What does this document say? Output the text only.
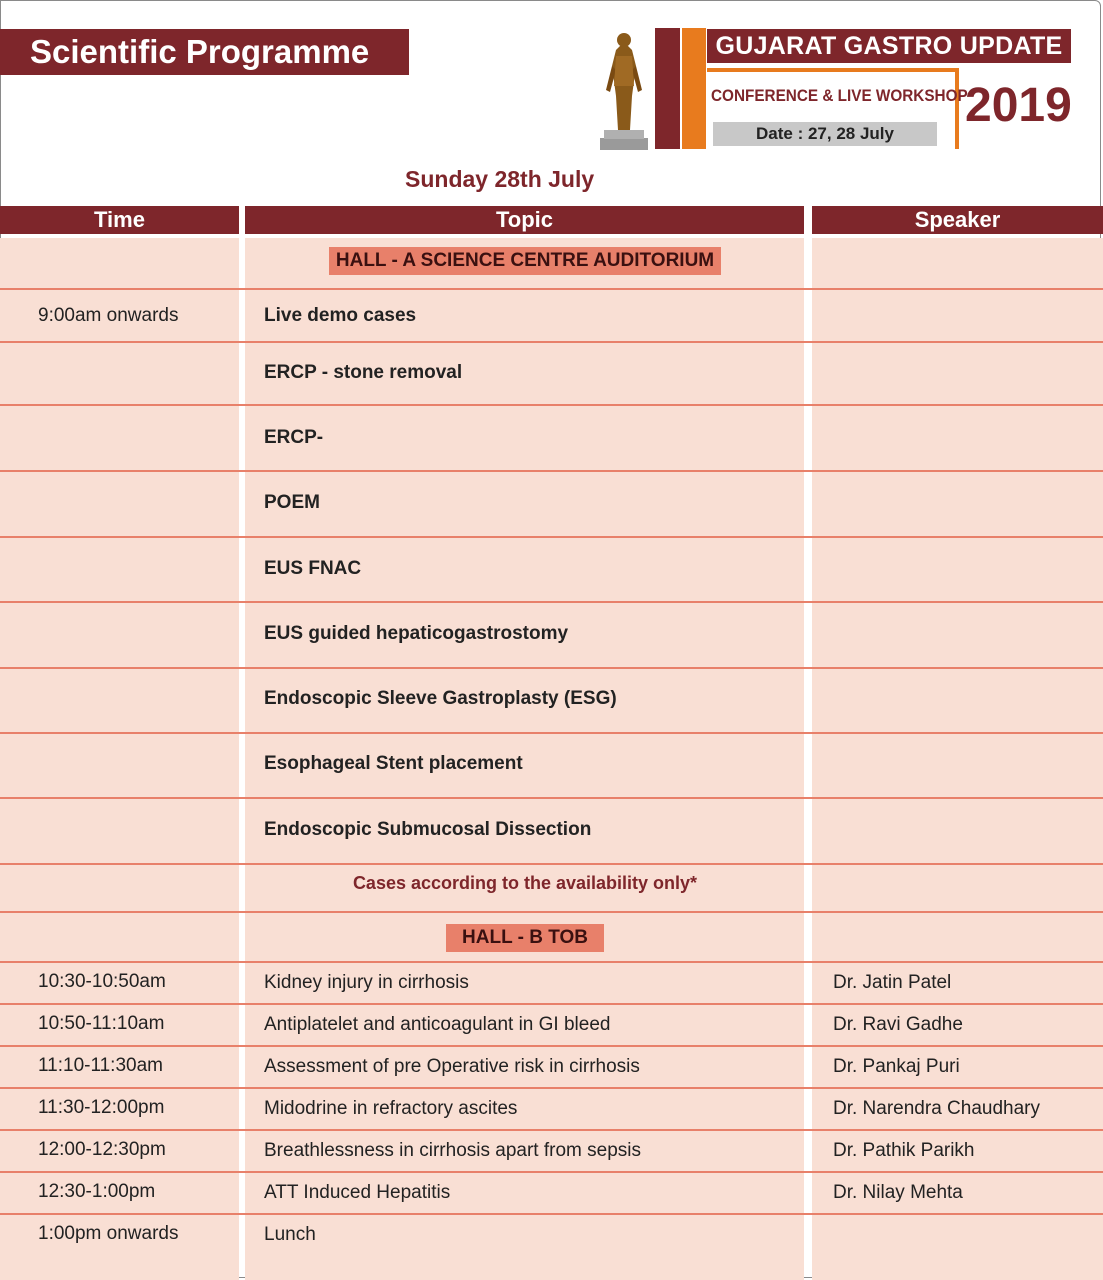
Scientific Programme	GUJARAT GASTRO UPDATE
CONFERENCE & LIVE WORKSHOP
Date : 27, 28 July
2019
Sunday 28th July
Time	Topic	Speaker
HALL - A SCIENCE CENTRE AUDITORIUM
9:00am onwards	Live demo cases
ERCP - stone removal
ERCP-
POEM
EUS FNAC
EUS guided hepaticogastrostomy
Endoscopic Sleeve Gastroplasty (ESG)
Esophageal Stent placement
Endoscopic Submucosal Dissection
Cases according to the availability only*
HALL - B TOB
10:30-10:50am	Kidney injury in cirrhosis	Dr. Jatin Patel
10:50-11:10am	Antiplatelet and anticoagulant in GI bleed	Dr. Ravi Gadhe
11:10-11:30am	Assessment of pre Operative risk in cirrhosis	Dr. Pankaj Puri
11:30-12:00pm	Midodrine in refractory ascites	Dr. Narendra Chaudhary
12:00-12:30pm	Breathlessness in cirrhosis apart from sepsis	Dr. Pathik Parikh
12:30-1:00pm	ATT Induced Hepatitis	Dr. Nilay Mehta
1:00pm onwards	Lunch
